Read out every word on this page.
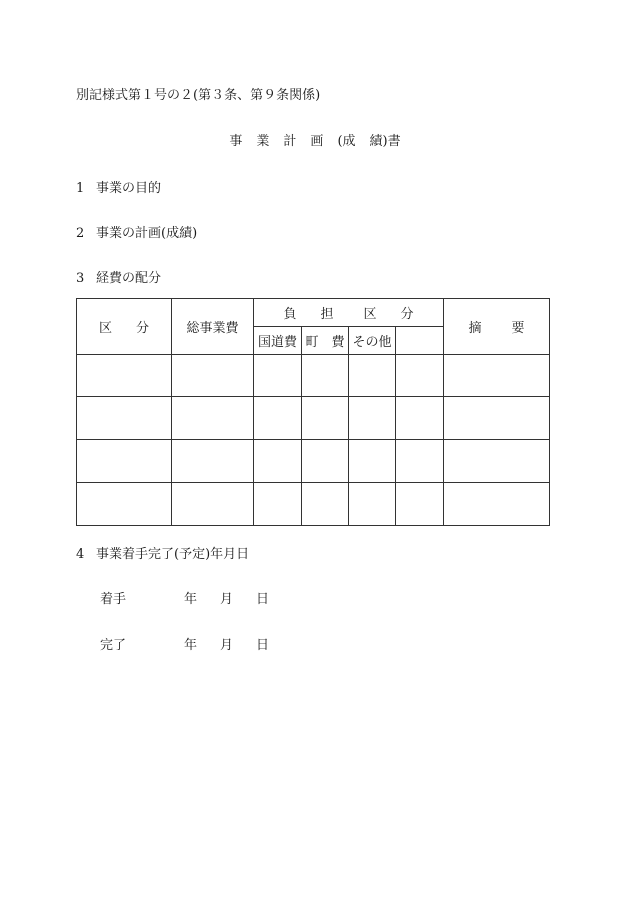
別記様式第１号の２(第３条、第９条関係)
事 業 計 画 (成 績)書
1 事業の目的
2 事業の計画(成績)
3 経費の配分
区 分	総事業費	負 担 区 分				摘 要
		国道費	町　費	その他		

4 事業着手完了(予定)年月日
着手	年 月 日
完了	年 月 日
